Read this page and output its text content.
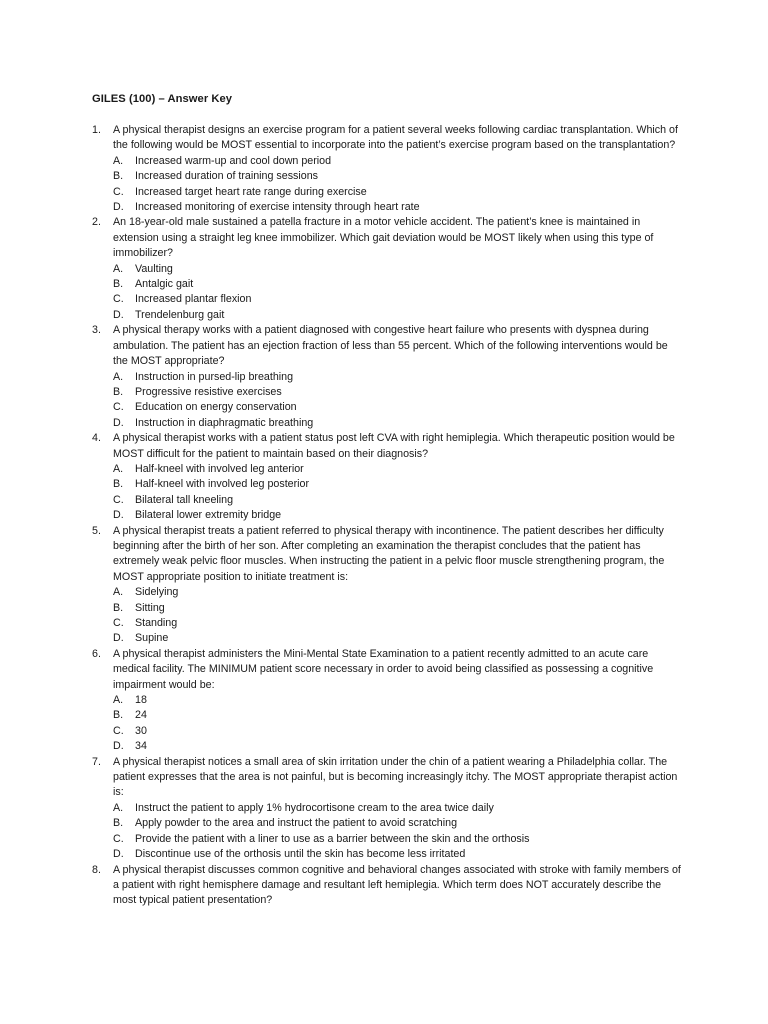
GILES (100) – Answer Key
1. A physical therapist designs an exercise program for a patient several weeks following cardiac transplantation. Which of the following would be MOST essential to incorporate into the patient’s exercise program based on the transplantation?
A. Increased warm-up and cool down period
B. Increased duration of training sessions
C. Increased target heart rate range during exercise
D. Increased monitoring of exercise intensity through heart rate
2. An 18-year-old male sustained a patella fracture in a motor vehicle accident. The patient’s knee is maintained in extension using a straight leg knee immobilizer. Which gait deviation would be MOST likely when using this type of immobilizer?
A. Vaulting
B. Antalgic gait
C. Increased plantar flexion
D. Trendelenburg gait
3. A physical therapy works with a patient diagnosed with congestive heart failure who presents with dyspnea during ambulation. The patient has an ejection fraction of less than 55 percent. Which of the following interventions would be the MOST appropriate?
A. Instruction in pursed-lip breathing
B. Progressive resistive exercises
C. Education on energy conservation
D. Instruction in diaphragmatic breathing
4. A physical therapist works with a patient status post left CVA with right hemiplegia. Which therapeutic position would be MOST difficult for the patient to maintain based on their diagnosis?
A. Half-kneel with involved leg anterior
B. Half-kneel with involved leg posterior
C. Bilateral tall kneeling
D. Bilateral lower extremity bridge
5. A physical therapist treats a patient referred to physical therapy with incontinence. The patient describes her difficulty beginning after the birth of her son. After completing an examination the therapist concludes that the patient has extremely weak pelvic floor muscles. When instructing the patient in a pelvic floor muscle strengthening program, the MOST appropriate position to initiate treatment is:
A. Sidelying
B. Sitting
C. Standing
D. Supine
6. A physical therapist administers the Mini-Mental State Examination to a patient recently admitted to an acute care medical facility. The MINIMUM patient score necessary in order to avoid being classified as possessing a cognitive impairment would be:
A. 18
B. 24
C. 30
D. 34
7. A physical therapist notices a small area of skin irritation under the chin of a patient wearing a Philadelphia collar. The patient expresses that the area is not painful, but is becoming increasingly itchy. The MOST appropriate therapist action is:
A. Instruct the patient to apply 1% hydrocortisone cream to the area twice daily
B. Apply powder to the area and instruct the patient to avoid scratching
C. Provide the patient with a liner to use as a barrier between the skin and the orthosis
D. Discontinue use of the orthosis until the skin has become less irritated
8. A physical therapist discusses common cognitive and behavioral changes associated with stroke with family members of a patient with right hemisphere damage and resultant left hemiplegia. Which term does NOT accurately describe the most typical patient presentation?
